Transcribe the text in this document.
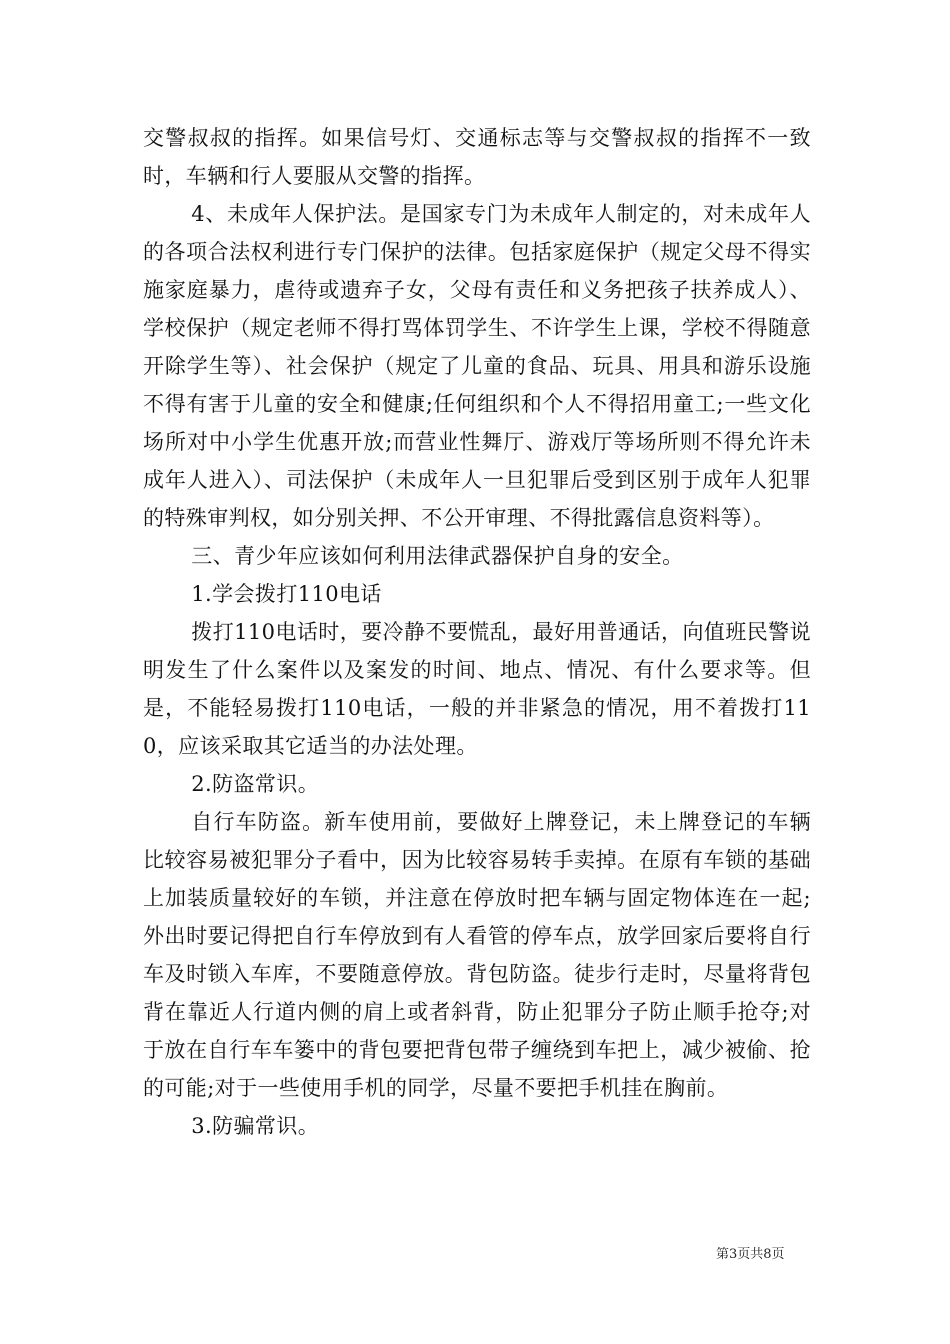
交警叔叔的指挥。如果信号灯、交通标志等与交警叔叔的指挥不一致时，车辆和行人要服从交警的指挥。

4、未成年人保护法。是国家专门为未成年人制定的，对未成年人的各项合法权利进行专门保护的法律。包括家庭保护（规定父母不得实施家庭暴力，虐待或遗弃子女，父母有责任和义务把孩子扶养成人）、学校保护（规定老师不得打骂体罚学生、不许学生上课，学校不得随意开除学生等）、社会保护（规定了儿童的食品、玩具、用具和游乐设施不得有害于儿童的安全和健康;任何组织和个人不得招用童工;一些文化场所对中小学生优惠开放;而营业性舞厅、游戏厅等场所则不得允许未成年人进入）、司法保护（未成年人一旦犯罪后受到区别于成年人犯罪的特殊审判权，如分别关押、不公开审理、不得批露信息资料等）。

三、青少年应该如何利用法律武器保护自身的安全。

1.学会拨打110电话

拨打110电话时，要冷静不要慌乱，最好用普通话，向值班民警说明发生了什么案件以及案发的时间、地点、情况、有什么要求等。但是，不能轻易拨打110电话，一般的并非紧急的情况，用不着拨打110，应该采取其它适当的办法处理。

2.防盗常识。

自行车防盗。新车使用前，要做好上牌登记，未上牌登记的车辆比较容易被犯罪分子看中，因为比较容易转手卖掉。在原有车锁的基础上加装质量较好的车锁，并注意在停放时把车辆与固定物体连在一起;外出时要记得把自行车停放到有人看管的停车点，放学回家后要将自行车及时锁入车库，不要随意停放。背包防盗。徒步行走时，尽量将背包背在靠近人行道内侧的肩上或者斜背，防止犯罪分子防止顺手抢夺;对于放在自行车车篓中的背包要把背包带子缠绕到车把上，减少被偷、抢的可能;对于一些使用手机的同学，尽量不要把手机挂在胸前。

3.防骗常识。

第3页共8页
